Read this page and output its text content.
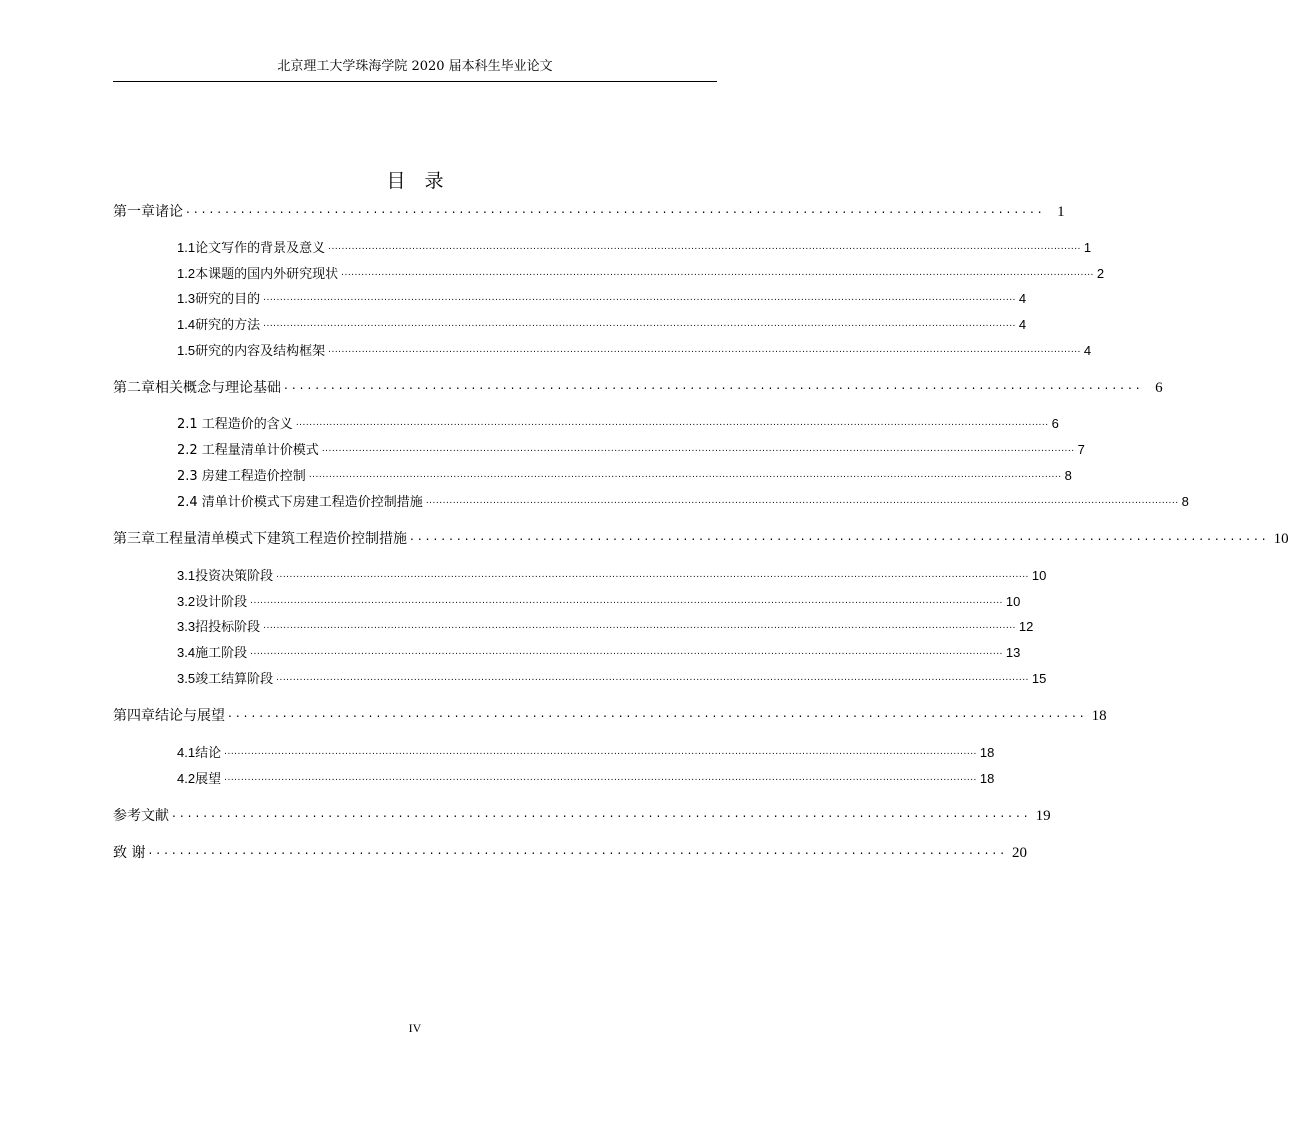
北京理工大学珠海学院 2020 届本科生毕业论文
目　录
第一章 诸论 .............................................................................................................. 1
1.1 论文写作的背景及意义 ................................................................................................................................................................................................................................ 1
1.2 本课题的国内外研究现状 ................................................................................................................................................................................................................................ 2
1.3 研究的目的 ................................................................................................................................................................................................................................ 4
1.4 研究的方法 ................................................................................................................................................................................................................................ 4
1.5 研究的内容及结构框架 ................................................................................................................................................................................................................................ 4
第二章 相关概念与理论基础 .............................................................................................................. 6
2.1 工程造价的含义 ................................................................................................................................................................................................................................ 6
2.2 工程量清单计价模式 ................................................................................................................................................................................................................................ 7
2.3 房建工程造价控制 ................................................................................................................................................................................................................................ 8
2.4 清单计价模式下房建工程造价控制措施 ................................................................................................................................................................................................................................ 8
第三章 工程量清单模式下建筑工程造价控制措施 .............................................................................................................. 10
3.1 投资决策阶段 ................................................................................................................................................................................................................................ 10
3.2 设计阶段 ................................................................................................................................................................................................................................ 10
3.3 招投标阶段 ................................................................................................................................................................................................................................ 12
3.4 施工阶段 ................................................................................................................................................................................................................................ 13
3.5 竣工结算阶段 ................................................................................................................................................................................................................................ 15
第四章 结论与展望 .............................................................................................................. 18
4.1 结论 ................................................................................................................................................................................................................................ 18
4.2 展望 ................................................................................................................................................................................................................................ 18
参考文献 .............................................................................................................. 19
致 谢 .............................................................................................................. 20
IV
